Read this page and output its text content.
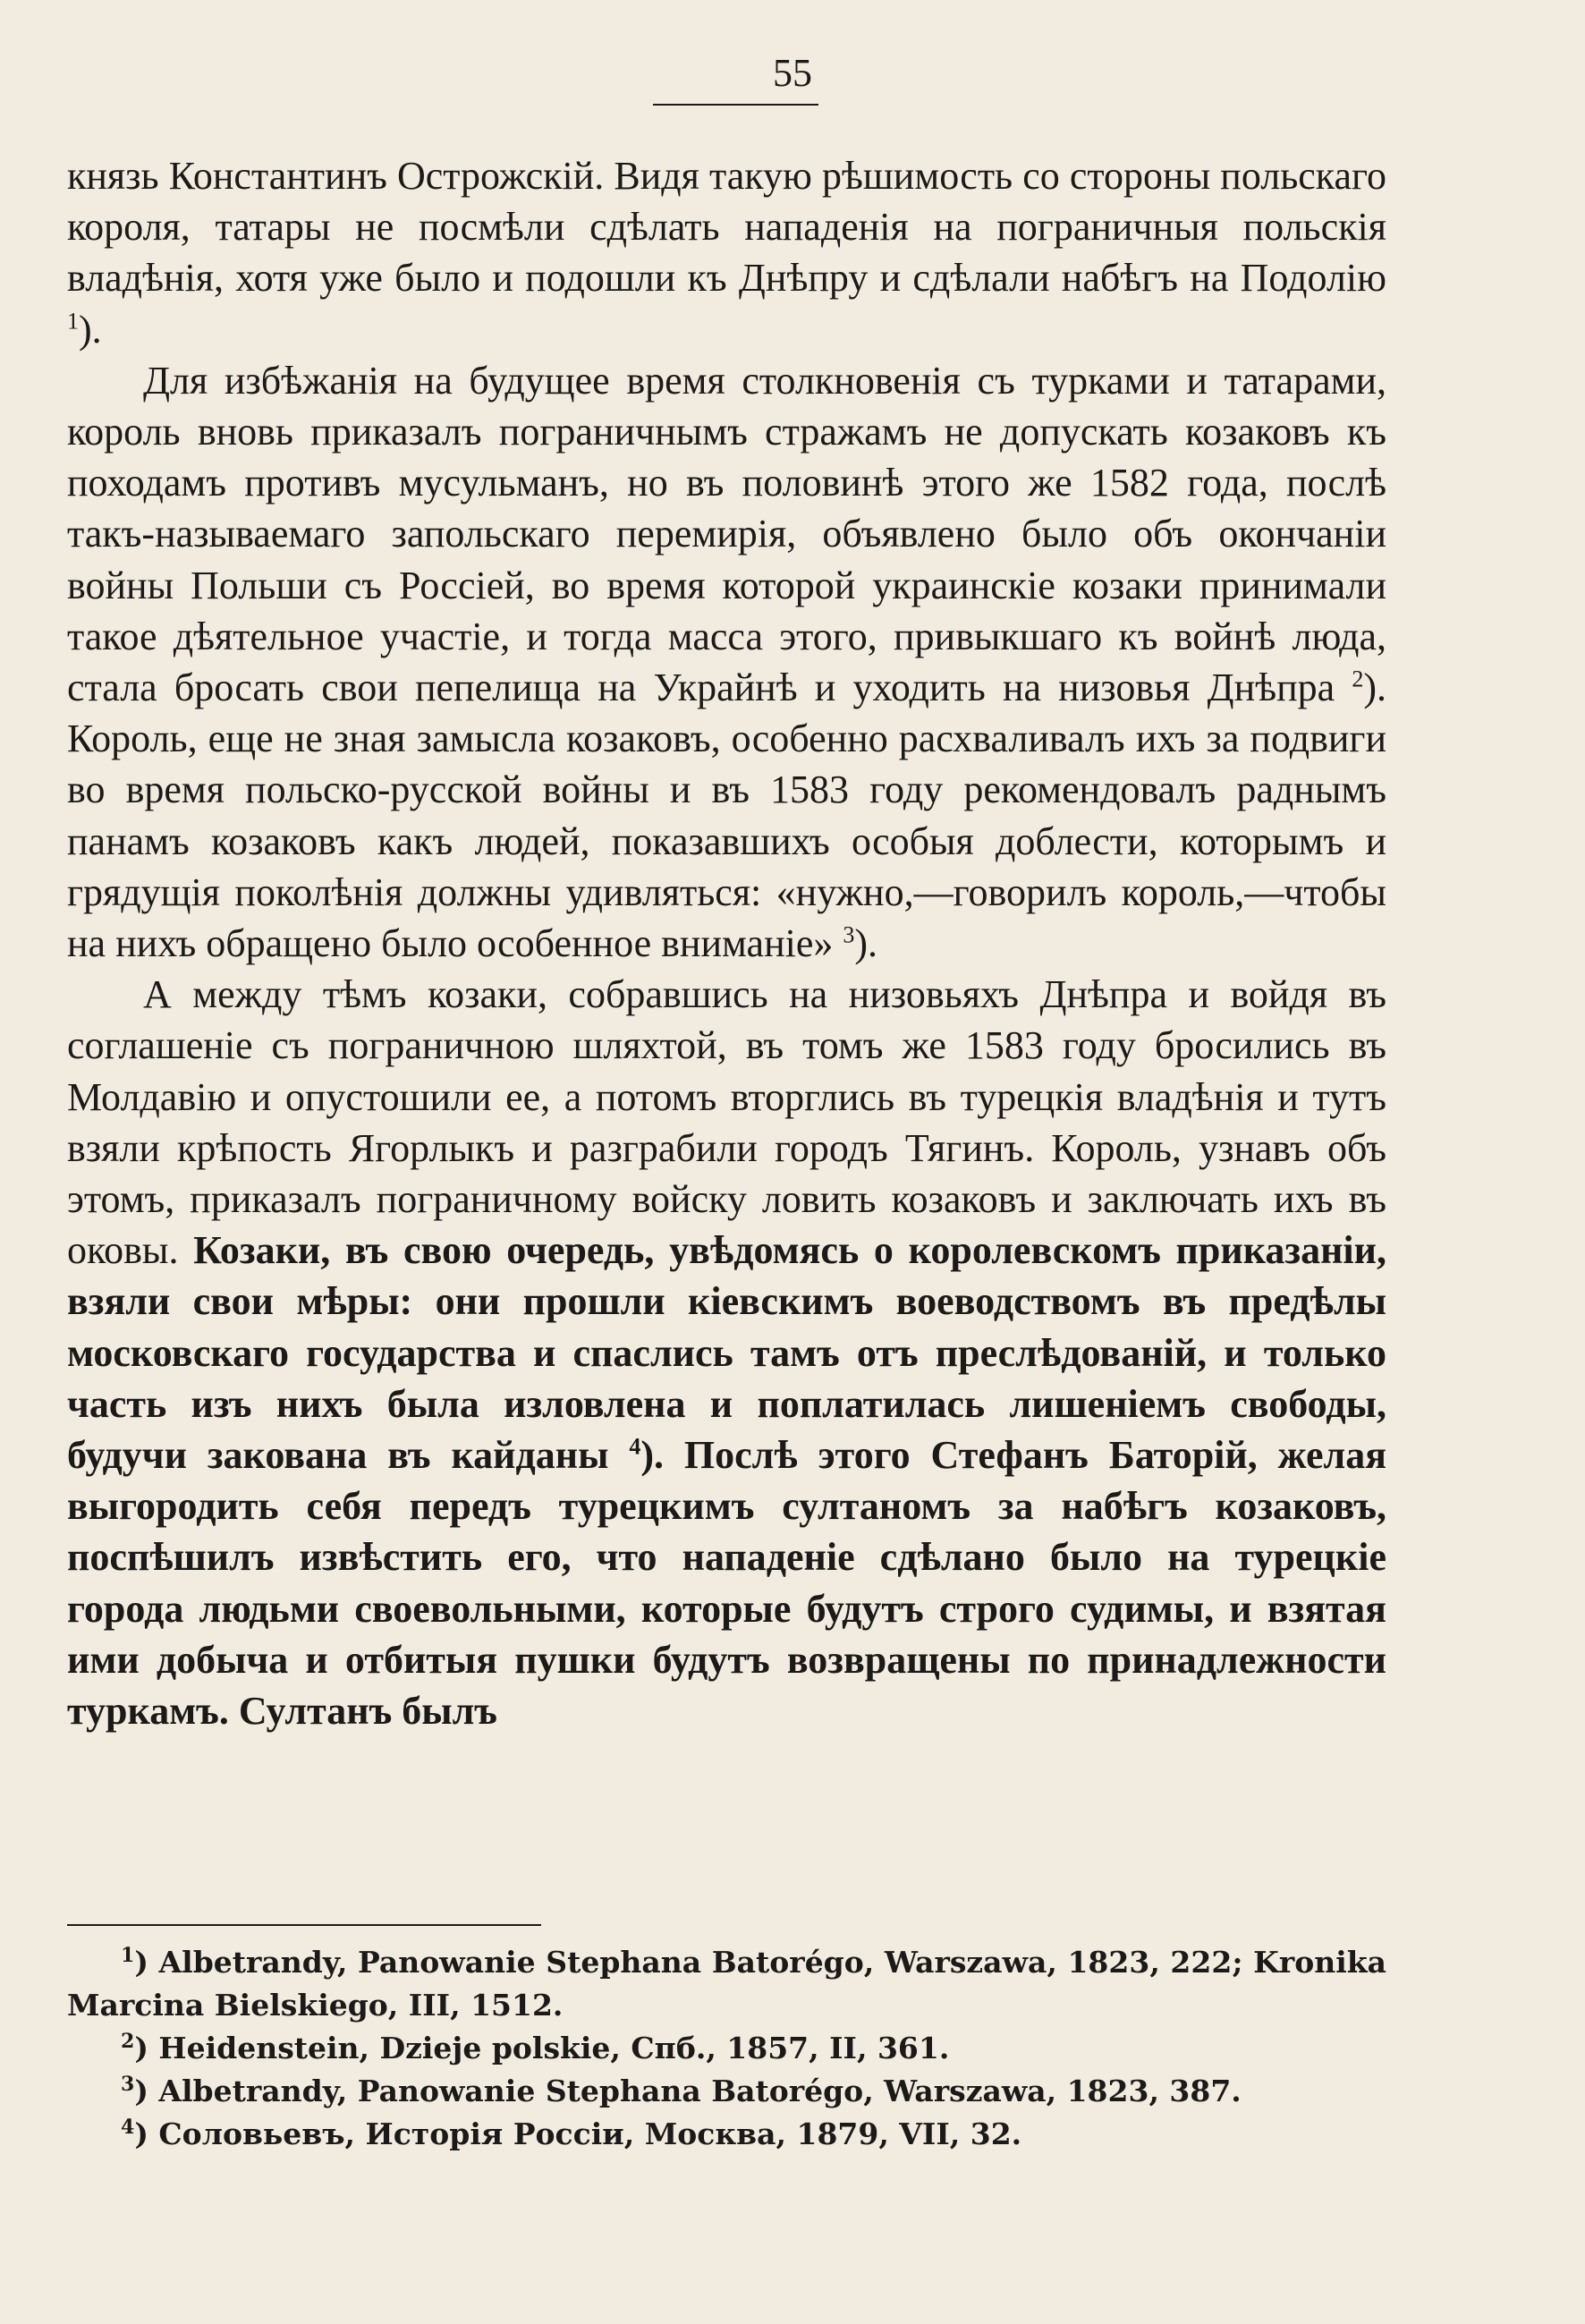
55

князь Константинъ Острожскій. Видя такую рѣшимость со стороны польскаго короля, татары не посмѣли сдѣлать нападенія на пограничныя польскія владѣнія, хотя уже было и подошли къ Днѣпру и сдѣлали набѣгъ на Подолію $^1$).

Для избѣжанія на будущее время столкновенія съ турками и татарами, король вновь приказалъ пограничнымъ стражамъ не допускать козаковъ къ походамъ противъ мусульманъ, но въ половинѣ этого же 1582 года, послѣ такъ-называемаго запольскаго перемирія, объявлено было объ окончаніи войны Польши съ Россіей, во время которой украинскіе козаки принимали такое дѣятельное участіе, и тогда масса этого, привыкшаго къ войнѣ люда, стала бросать свои пепелища на Украйнѣ и уходить на низовья Днѣпра $^2$). Король, еще не зная замысла козаковъ, особенно расхваливалъ ихъ за подвиги во время польско-русской войны и въ 1583 году рекомендовалъ раднымъ панамъ козаковъ какъ людей, показавшихъ особыя доблести, которымъ и грядущія поколѣнія должны удивляться: «нужно,—говорилъ король,—чтобы на нихъ обращено было особенное вниманіе» $^3$).

А между тѣмъ козаки, собравшись на низовьяхъ Днѣпра и войдя въ соглашеніе съ пограничною шляхтой, въ томъ же 1583 году бросились въ Молдавію и опустошили ее, а потомъ вторглись въ турецкія владѣнія и тутъ взяли крѣпость Ягорлыкъ и разграбили городъ Тягинъ. Король, узнавъ объ этомъ, приказалъ пограничному войску ловить козаковъ и заключать ихъ въ оковы. Козаки, въ свою очередь, увѣдомясь о королевскомъ приказаніи, взяли свои мѣры: они прошли кіевскимъ воеводствомъ въ предѣлы московскаго государства и спаслись тамъ отъ преслѣдованій, и только часть изъ нихъ была изловлена и поплатилась лишеніемъ свободы, будучи закована въ кайданы $^4$). Послѣ этого Стефанъ Баторій, желая выгородить себя передъ турецкимъ султаномъ за набѣгъ козаковъ, поспѣшилъ извѣстить его, что нападеніе сдѣлано было на турецкіе города людьми своевольными, которые будутъ строго судимы, и взятая ими добыча и отбитыя пушки будутъ возвращены по принадлежности туркамъ. Султанъ былъ

$^1$) Albetrandy, Panowanie Stephana Batorégo, Warszawa, 1823, 222; Kronika Marcina Bielskiego, III, 1512.

$^2$) Heidenstein, Dzieje polskie, Спб., 1857, II, 361.

$^3$) Albetrandy, Panowanie Stephana Batorégo, Warszawa, 1823, 387.

$^4$) Соловьевъ, Исторія Россіи, Москва, 1879, VII, 32.
